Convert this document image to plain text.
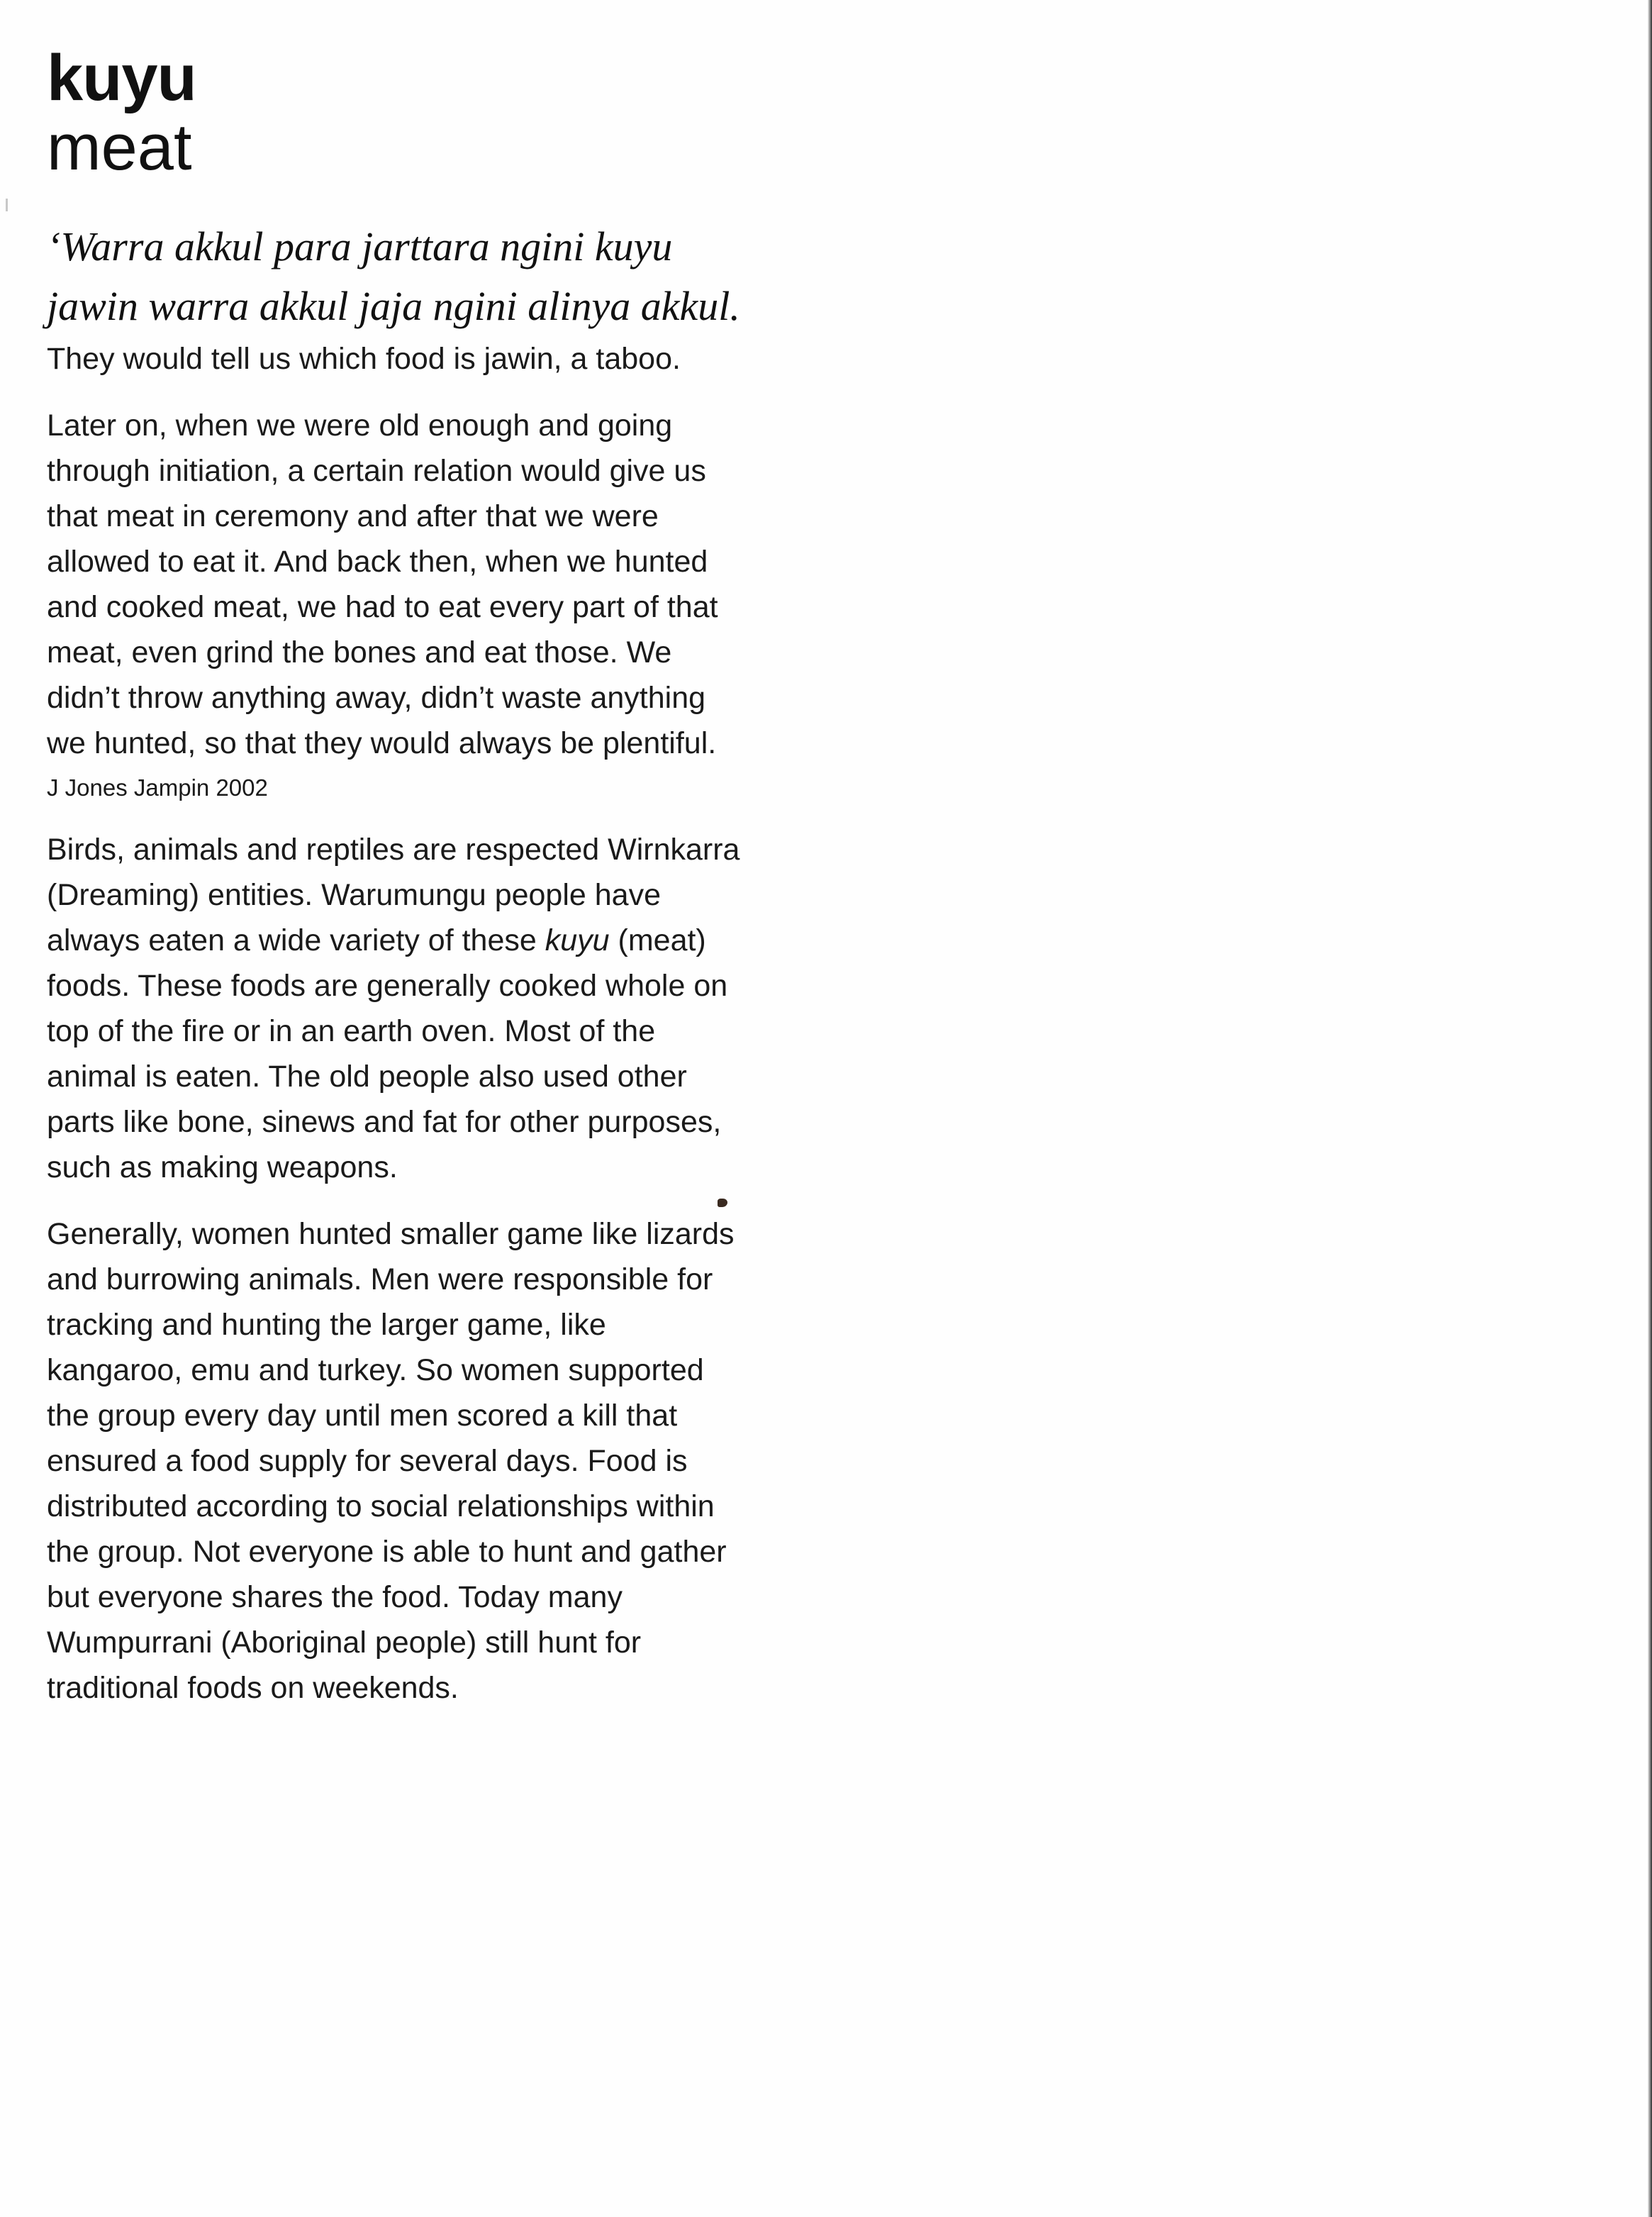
kuyu
meat
‘Warra akkul para jarttara ngini kuyu
jawin warra akkul jaja ngini alinya akkul.

They would tell us which food is jawin, a taboo.

Later on, when we were old enough and going
through initiation, a certain relation would give us
that meat in ceremony and after that we were
allowed to eat it. And back then, when we hunted
and cooked meat, we had to eat every part of that
meat, even grind the bones and eat those. We
didn’t throw anything away, didn’t waste anything
we hunted, so that they would always be plentiful.

J Jones Jampin 2002

Birds, animals and reptiles are respected Wirnkarra
(Dreaming) entities. Warumungu people have
always eaten a wide variety of these kuyu (meat)
foods. These foods are generally cooked whole on
top of the fire or in an earth oven. Most of the
animal is eaten. The old people also used other
parts like bone, sinews and fat for other purposes,
such as making weapons.

Generally, women hunted smaller game like lizards
and burrowing animals. Men were responsible for
tracking and hunting the larger game, like
kangaroo, emu and turkey. So women supported
the group every day until men scored a kill that
ensured a food supply for several days. Food is
distributed according to social relationships within
the group. Not everyone is able to hunt and gather
but everyone shares the food. Today many
Wumpurrani (Aboriginal people) still hunt for
traditional foods on weekends.
